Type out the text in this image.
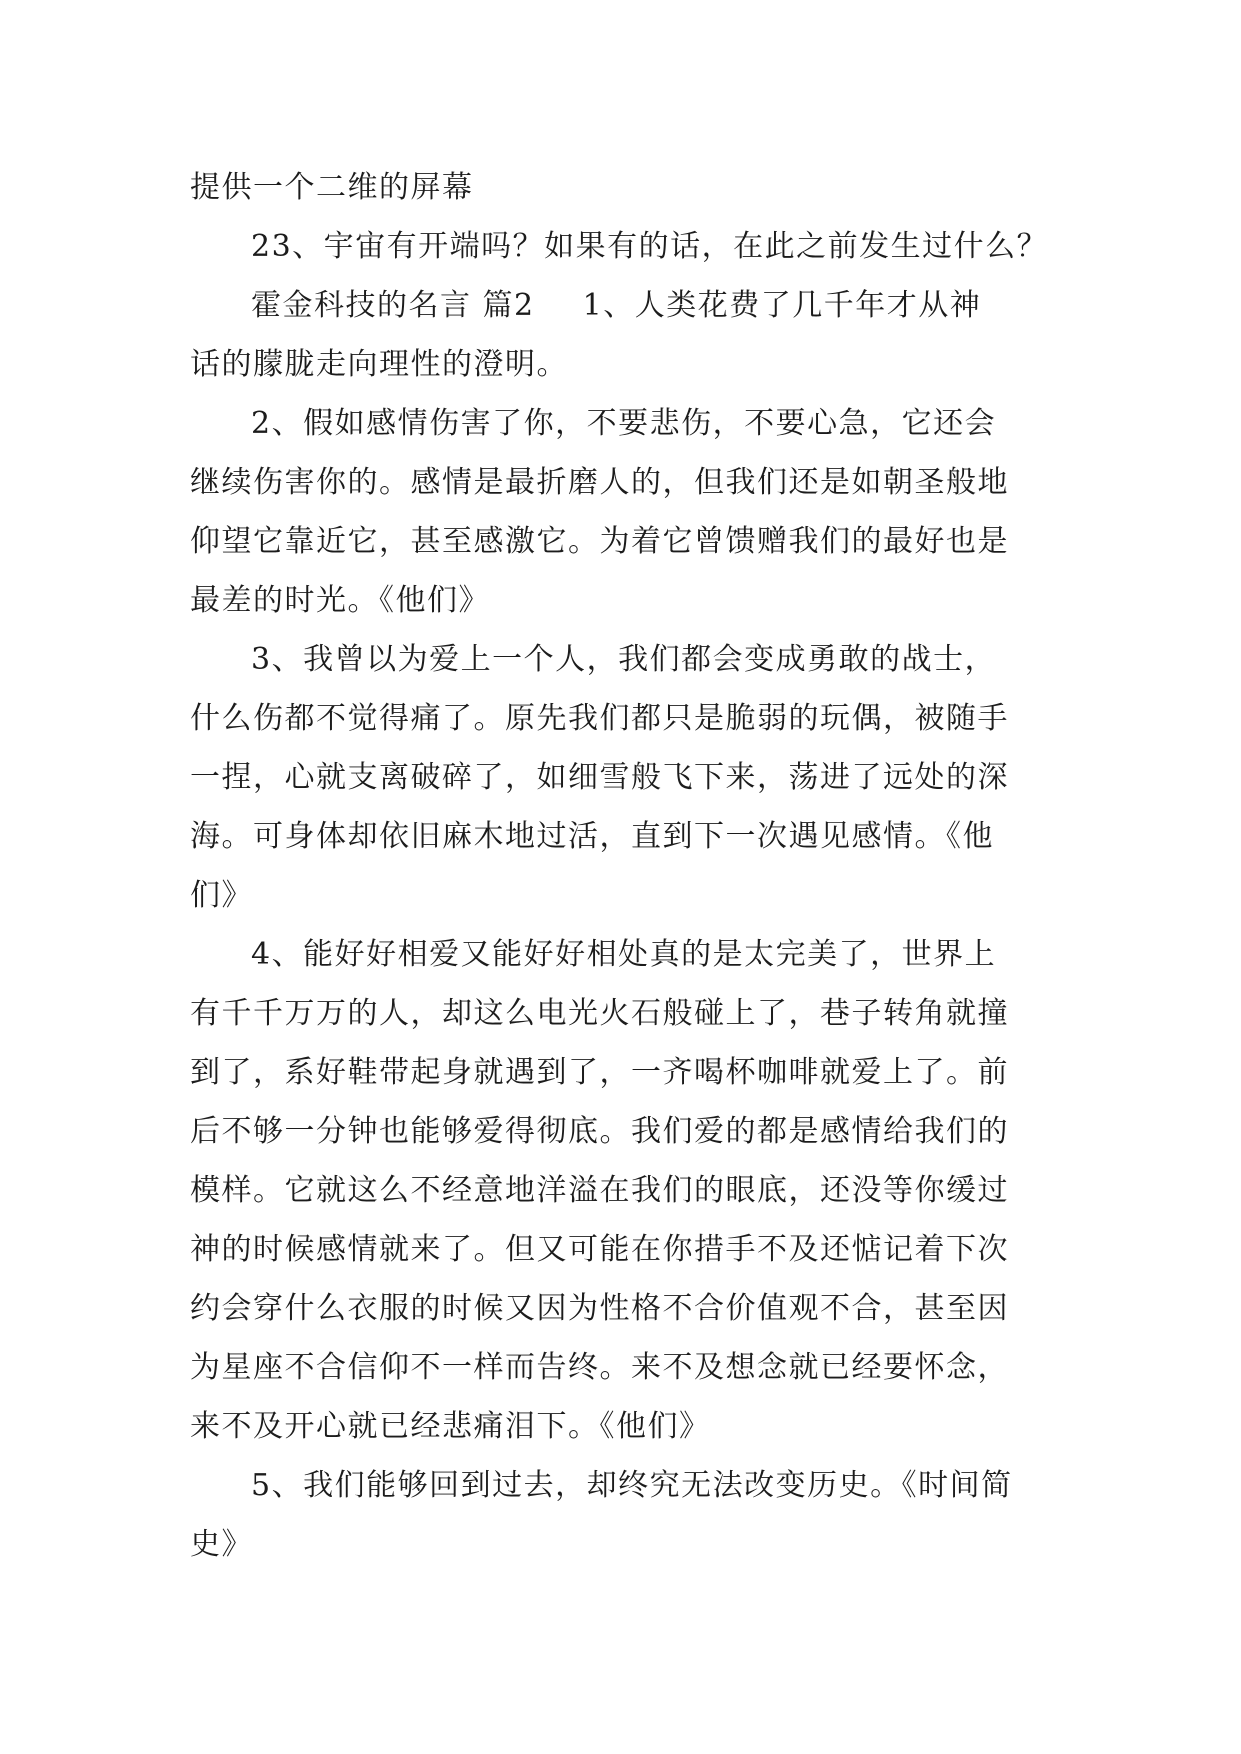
提供一个二维的屏幕
23、宇宙有开端吗？如果有的话，在此之前发生过什么？
霍金科技的名言 篇2 1、人类花费了几千年才从神
话的朦胧走向理性的澄明。
2、假如感情伤害了你，不要悲伤，不要心急，它还会
继续伤害你的。感情是最折磨人的，但我们还是如朝圣般地
仰望它靠近它，甚至感激它。为着它曾馈赠我们的最好也是
最差的时光。《他们》
3、我曾以为爱上一个人，我们都会变成勇敢的战士，
什么伤都不觉得痛了。原先我们都只是脆弱的玩偶，被随手
一捏，心就支离破碎了，如细雪般飞下来，荡进了远处的深
海。可身体却依旧麻木地过活，直到下一次遇见感情。《他
们》
4、能好好相爱又能好好相处真的是太完美了，世界上
有千千万万的人，却这么电光火石般碰上了，巷子转角就撞
到了，系好鞋带起身就遇到了，一齐喝杯咖啡就爱上了。前
后不够一分钟也能够爱得彻底。我们爱的都是感情给我们的
模样。它就这么不经意地洋溢在我们的眼底，还没等你缓过
神的时候感情就来了。但又可能在你措手不及还惦记着下次
约会穿什么衣服的时候又因为性格不合价值观不合，甚至因
为星座不合信仰不一样而告终。来不及想念就已经要怀念，
来不及开心就已经悲痛泪下。《他们》
5、我们能够回到过去，却终究无法改变历史。《时间简
史》
